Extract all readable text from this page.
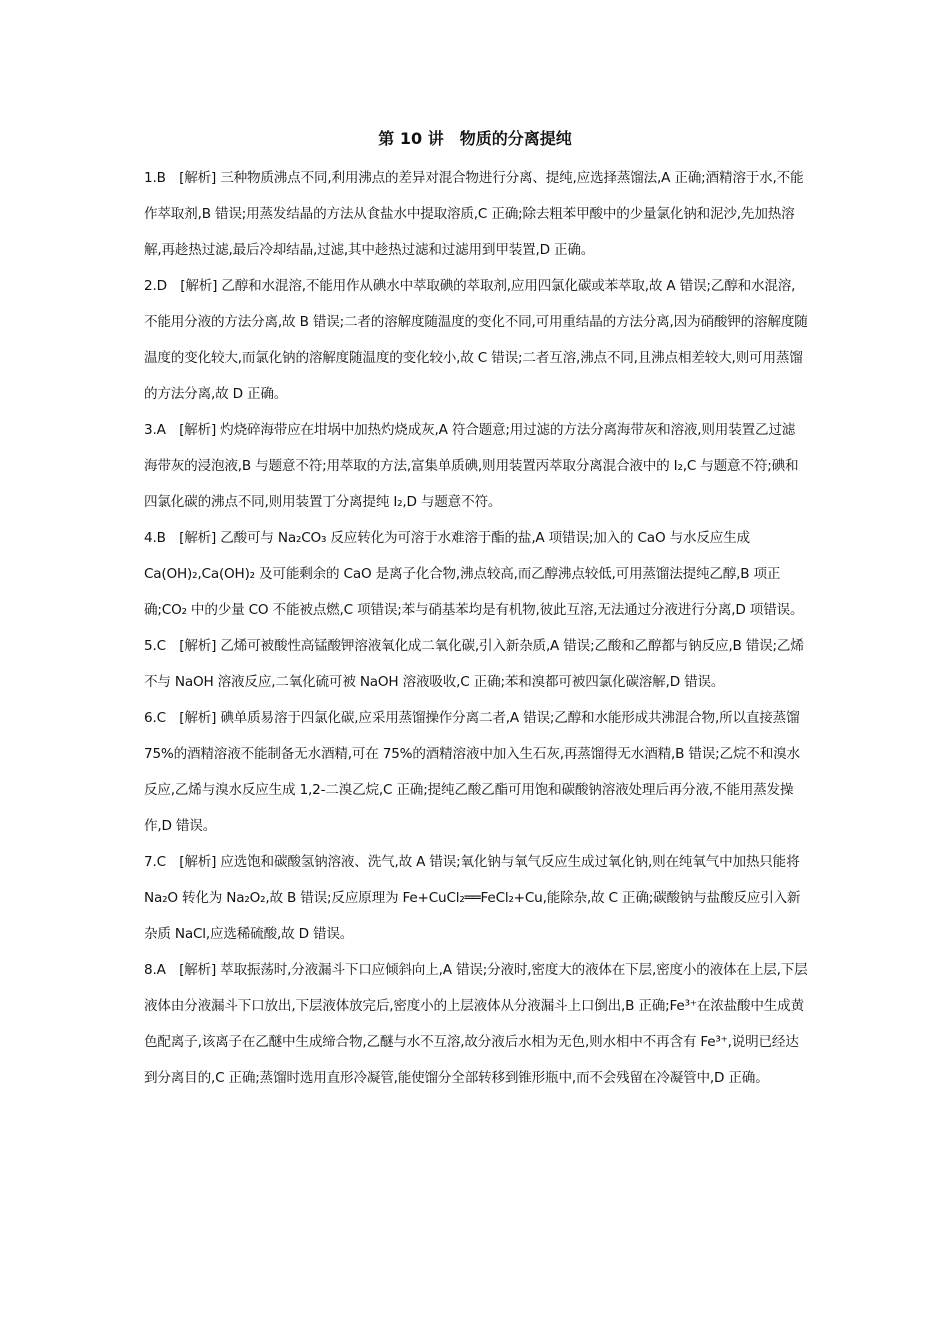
第 10 讲　物质的分离提纯

1.B　[解析] 三种物质沸点不同,利用沸点的差异对混合物进行分离、提纯,应选择蒸馏法,A 正确;酒精溶于水,不能作萃取剂,B 错误;用蒸发结晶的方法从食盐水中提取溶质,C 正确;除去粗苯甲酸中的少量氯化钠和泥沙,先加热溶解,再趁热过滤,最后冷却结晶,过滤,其中趁热过滤和过滤用到甲装置,D 正确。

2.D　[解析] 乙醇和水混溶,不能用作从碘水中萃取碘的萃取剂,应用四氯化碳或苯萃取,故 A 错误;乙醇和水混溶,不能用分液的方法分离,故 B 错误;二者的溶解度随温度的变化不同,可用重结晶的方法分离,因为硝酸钾的溶解度随温度的变化较大,而氯化钠的溶解度随温度的变化较小,故 C 错误;二者互溶,沸点不同,且沸点相差较大,则可用蒸馏的方法分离,故 D 正确。

3.A　[解析] 灼烧碎海带应在坩埚中加热灼烧成灰,A 符合题意;用过滤的方法分离海带灰和溶液,则用装置乙过滤海带灰的浸泡液,B 与题意不符;用萃取的方法,富集单质碘,则用装置丙萃取分离混合液中的 I₂,C 与题意不符;碘和四氯化碳的沸点不同,则用装置丁分离提纯 I₂,D 与题意不符。

4.B　[解析] 乙酸可与 Na₂CO₃ 反应转化为可溶于水难溶于酯的盐,A 项错误;加入的 CaO 与水反应生成 Ca(OH)₂,Ca(OH)₂ 及可能剩余的 CaO 是离子化合物,沸点较高,而乙醇沸点较低,可用蒸馏法提纯乙醇,B 项正确;CO₂ 中的少量 CO 不能被点燃,C 项错误;苯与硝基苯均是有机物,彼此互溶,无法通过分液进行分离,D 项错误。

5.C　[解析] 乙烯可被酸性高锰酸钾溶液氧化成二氧化碳,引入新杂质,A 错误;乙酸和乙醇都与钠反应,B 错误;乙烯不与 NaOH 溶液反应,二氧化硫可被 NaOH 溶液吸收,C 正确;苯和溴都可被四氯化碳溶解,D 错误。

6.C　[解析] 碘单质易溶于四氯化碳,应采用蒸馏操作分离二者,A 错误;乙醇和水能形成共沸混合物,所以直接蒸馏 75%的酒精溶液不能制备无水酒精,可在 75%的酒精溶液中加入生石灰,再蒸馏得无水酒精,B 错误;乙烷不和溴水反应,乙烯与溴水反应生成 1,2-二溴乙烷,C 正确;提纯乙酸乙酯可用饱和碳酸钠溶液处理后再分液,不能用蒸发操作,D 错误。

7.C　[解析] 应选饱和碳酸氢钠溶液、洗气,故 A 错误;氧化钠与氧气反应生成过氧化钠,则在纯氧气中加热只能将 Na₂O 转化为 Na₂O₂,故 B 错误;反应原理为 Fe+CuCl₂══FeCl₂+Cu,能除杂,故 C 正确;碳酸钠与盐酸反应引入新杂质 NaCl,应选稀硫酸,故 D 错误。

8.A　[解析] 萃取振荡时,分液漏斗下口应倾斜向上,A 错误;分液时,密度大的液体在下层,密度小的液体在上层,下层液体由分液漏斗下口放出,下层液体放完后,密度小的上层液体从分液漏斗上口倒出,B 正确;Fe³⁺在浓盐酸中生成黄色配离子,该离子在乙醚中生成缔合物,乙醚与水不互溶,故分液后水相为无色,则水相中不再含有 Fe³⁺,说明已经达到分离目的,C 正确;蒸馏时选用直形冷凝管,能使馏分全部转移到锥形瓶中,而不会残留在冷凝管中,D 正确。
